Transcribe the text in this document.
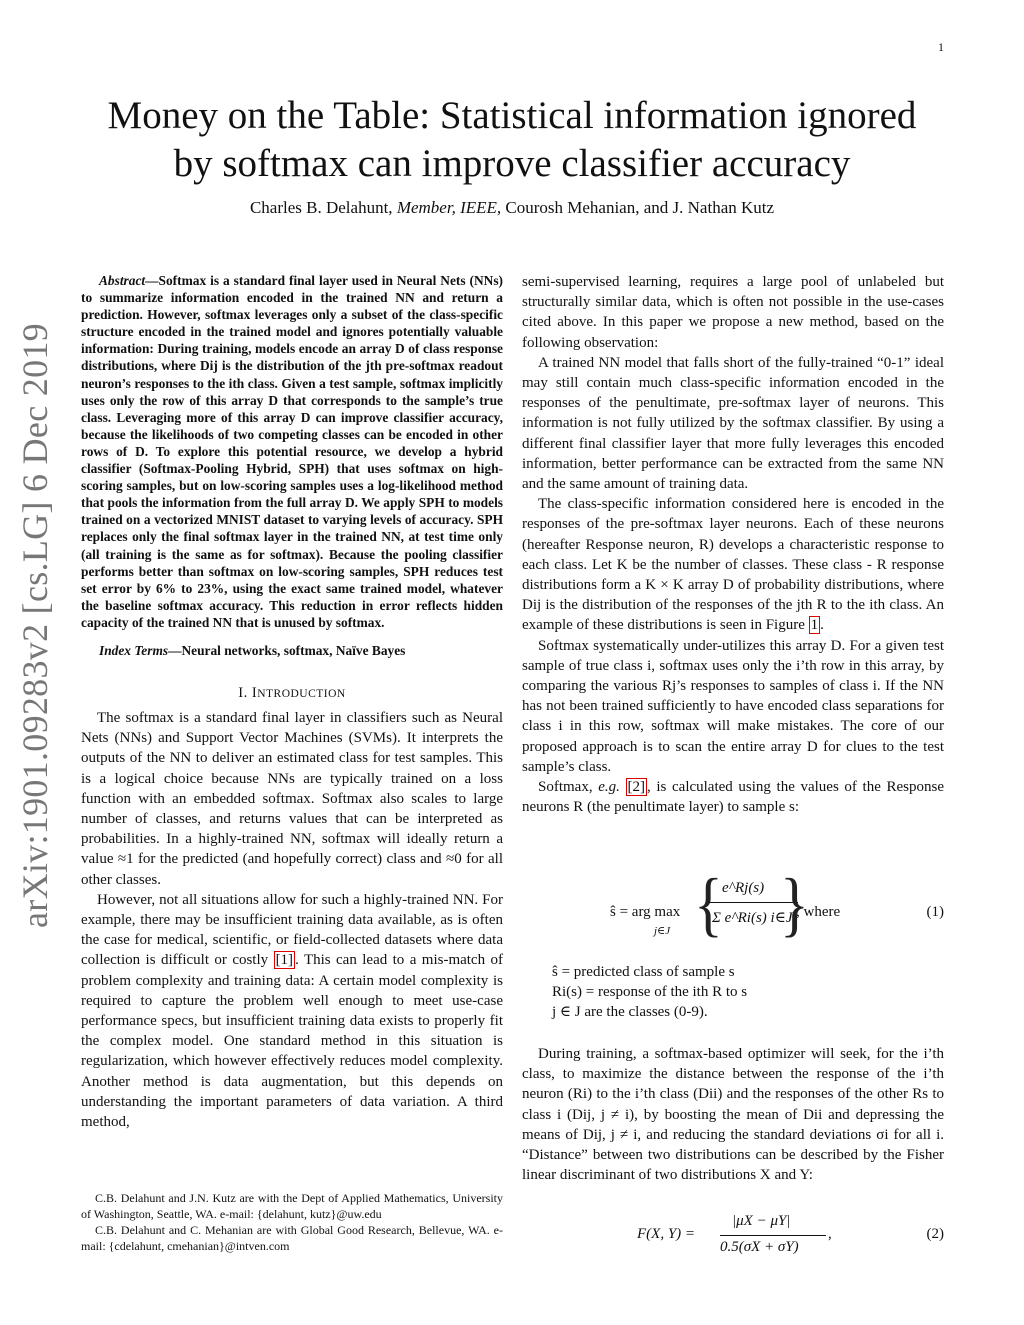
1
arXiv:1901.09283v2 [cs.LG] 6 Dec 2019
Money on the Table: Statistical information ignored
by softmax can improve classifier accuracy
Charles B. Delahunt, Member, IEEE, Courosh Mehanian, and J. Nathan Kutz

Abstract—Softmax is a standard final layer used in Neural Nets (NNs) to summarize information encoded in the trained NN and return a prediction. However, softmax leverages only a subset of the class-specific structure encoded in the trained model and ignores potentially valuable information: During training, models encode an array D of class response distributions, where Dij is the distribution of the jth pre-softmax readout neuron’s responses to the ith class. Given a test sample, softmax implicitly uses only the row of this array D that corresponds to the sample’s true class. Leveraging more of this array D can improve classifier accuracy, because the likelihoods of two competing classes can be encoded in other rows of D. To explore this potential resource, we develop a hybrid classifier (Softmax-Pooling Hybrid, SPH) that uses softmax on high-scoring samples, but on low-scoring samples uses a log-likelihood method that pools the information from the full array D. We apply SPH to models trained on a vectorized MNIST dataset to varying levels of accuracy. SPH replaces only the final softmax layer in the trained NN, at test time only (all training is the same as for softmax). Because the pooling classifier performs better than softmax on low-scoring samples, SPH reduces test set error by 6% to 23%, using the exact same trained model, whatever the baseline softmax accuracy. This reduction in error reflects hidden capacity of the trained NN that is unused by softmax.

Index Terms—Neural networks, softmax, Naïve Bayes

I. INTRODUCTION

The softmax is a standard final layer in classifiers such as Neural Nets (NNs) and Support Vector Machines (SVMs). It interprets the outputs of the NN to deliver an estimated class for test samples. This is a logical choice because NNs are typically trained on a loss function with an embedded softmax. Softmax also scales to large number of classes, and returns values that can be interpreted as probabilities. In a highly-trained NN, softmax will ideally return a value ≈1 for the predicted (and hopefully correct) class and ≈0 for all other classes.

However, not all situations allow for such a highly-trained NN. For example, there may be insufficient training data available, as is often the case for medical, scientific, or field-collected datasets where data collection is difficult or costly [1] . This can lead to a mis-match of problem complexity and training data: A certain model complexity is required to capture the problem well enough to meet use-case performance specs, but insufficient training data exists to properly fit the complex model. One standard method in this situation is regularization, which however effectively reduces model complexity. Another method is data augmentation, but this depends on understanding the important parameters of data variation. A third method,

C.B. Delahunt and J.N. Kutz are with the Dept of Applied Mathematics, University of Washington, Seattle, WA. e-mail: {delahunt, kutz}@uw.edu

C.B. Delahunt and C. Mehanian are with Global Good Research, Bellevue, WA. e-mail: {cdelahunt, cmehanian}@intven.com

semi-supervised learning, requires a large pool of unlabeled but structurally similar data, which is often not possible in the use-cases cited above. In this paper we propose a new method, based on the following observation:

A trained NN model that falls short of the fully-trained “0-1” ideal may still contain much class-specific information encoded in the responses of the penultimate, pre-softmax layer of neurons. This information is not fully utilized by the softmax classifier. By using a different final classifier layer that more fully leverages this encoded information, better performance can be extracted from the same NN and the same amount of training data.

The class-specific information considered here is encoded in the responses of the pre-softmax layer neurons. Each of these neurons (hereafter Response neuron, R) develops a characteristic response to each class. Let K be the number of classes. These class - R response distributions form a K × K array D of probability distributions, where Dij is the distribution of the responses of the jth R to the ith class. An example of these distributions is seen in Figure 1 .

Softmax systematically under-utilizes this array D. For a given test sample of true class i, softmax uses only the i’th row in this array, by comparing the various Rj’s responses to samples of class i. If the NN has not been trained sufficiently to have encoded class separations for class i in this row, softmax will make mistakes. The core of our proposed approach is to scan the entire array D for clues to the test sample’s class.

Softmax, e.g. [2] , is calculated using the values of the Response neurons R (the penultimate layer) to sample s:

ŝ = arg max
j∈J { e^Rj(s)
Σ e^Ri(s) i∈J
}
, where	(1)
ŝ = predicted class of sample s
Ri(s) = response of the ith R to s
j ∈ J are the classes (0-9).

During training, a softmax-based optimizer will seek, for the i’th class, to maximize the distance between the response of the i’th neuron (Ri) to the i’th class (Dii) and the responses of the other Rs to class i (Dij, j ≠ i), by boosting the mean of Dii and depressing the means of Dij, j ≠ i, and reducing the standard deviations σi for all i. “Distance” between two distributions can be described by the Fisher linear discriminant of two distributions X and Y:

F(X, Y) =
|μX − μY|
0.5(σX + σY)
,	(2)
